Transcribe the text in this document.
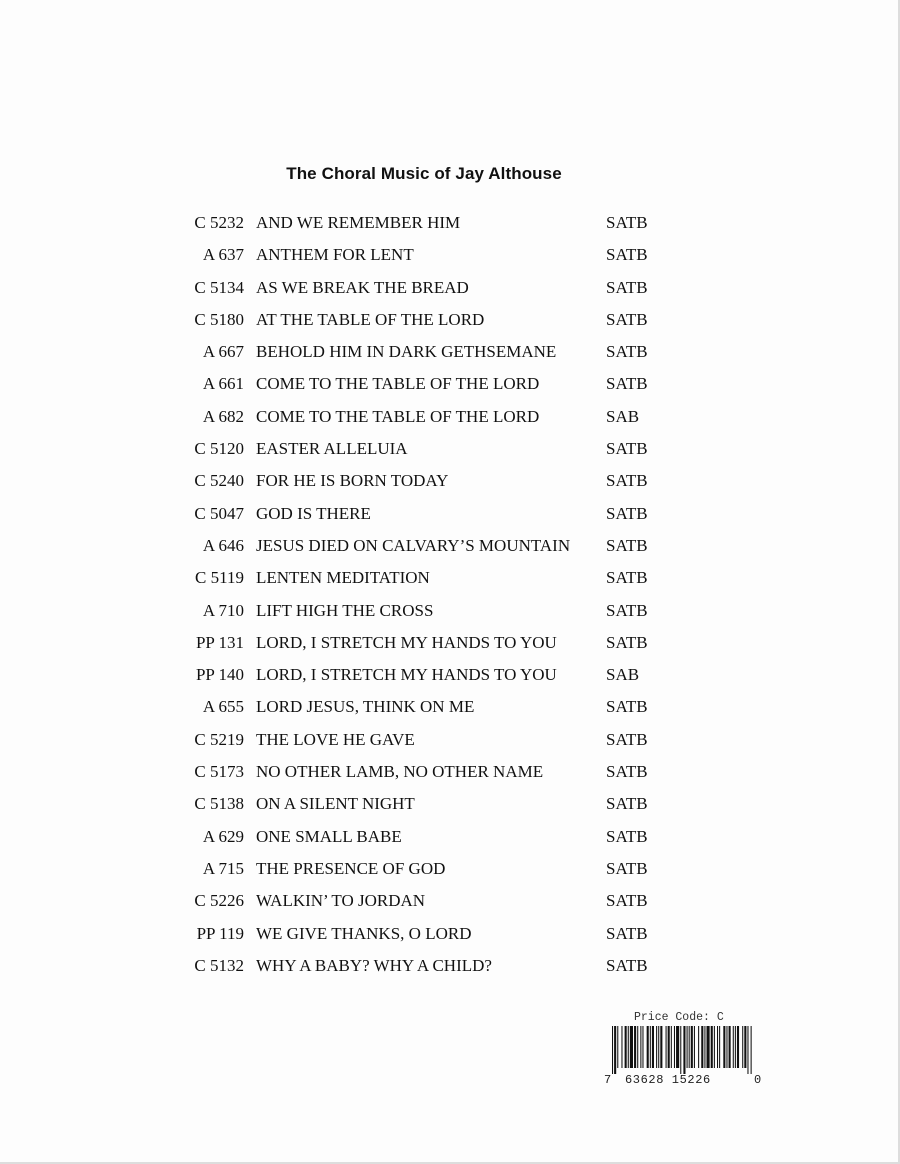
The Choral Music of Jay Althouse
C 5232 AND WE REMEMBER HIM	SATB
A 637 ANTHEM FOR LENT	SATB
C 5134 AS WE BREAK THE BREAD	SATB
C 5180 AT THE TABLE OF THE LORD	SATB
A 667 BEHOLD HIM IN DARK GETHSEMANE	SATB
A 661 COME TO THE TABLE OF THE LORD	SATB
A 682 COME TO THE TABLE OF THE LORD	SAB
C 5120 EASTER ALLELUIA	SATB
C 5240 FOR HE IS BORN TODAY	SATB
C 5047 GOD IS THERE	SATB
A 646 JESUS DIED ON CALVARY’S MOUNTAIN SATB
C 5119 LENTEN MEDITATION	SATB
A 710 LIFT HIGH THE CROSS	SATB
PP 131 LORD, I STRETCH MY HANDS TO YOU	SATB
PP 140 LORD, I STRETCH MY HANDS TO YOU	SAB
A 655 LORD JESUS, THINK ON ME	SATB
C 5219 THE LOVE HE GAVE	SATB
C 5173 NO OTHER LAMB, NO OTHER NAME	SATB
C 5138 ON A SILENT NIGHT	SATB
A 629 ONE SMALL BABE	SATB
A 715 THE PRESENCE OF GOD	SATB
C 5226 WALKIN’ TO JORDAN	SATB
PP 119 WE GIVE THANKS, O LORD	SATB
C 5132 WHY A BABY? WHY A CHILD?	SATB
Price Code: C
7 63628 15226	0
